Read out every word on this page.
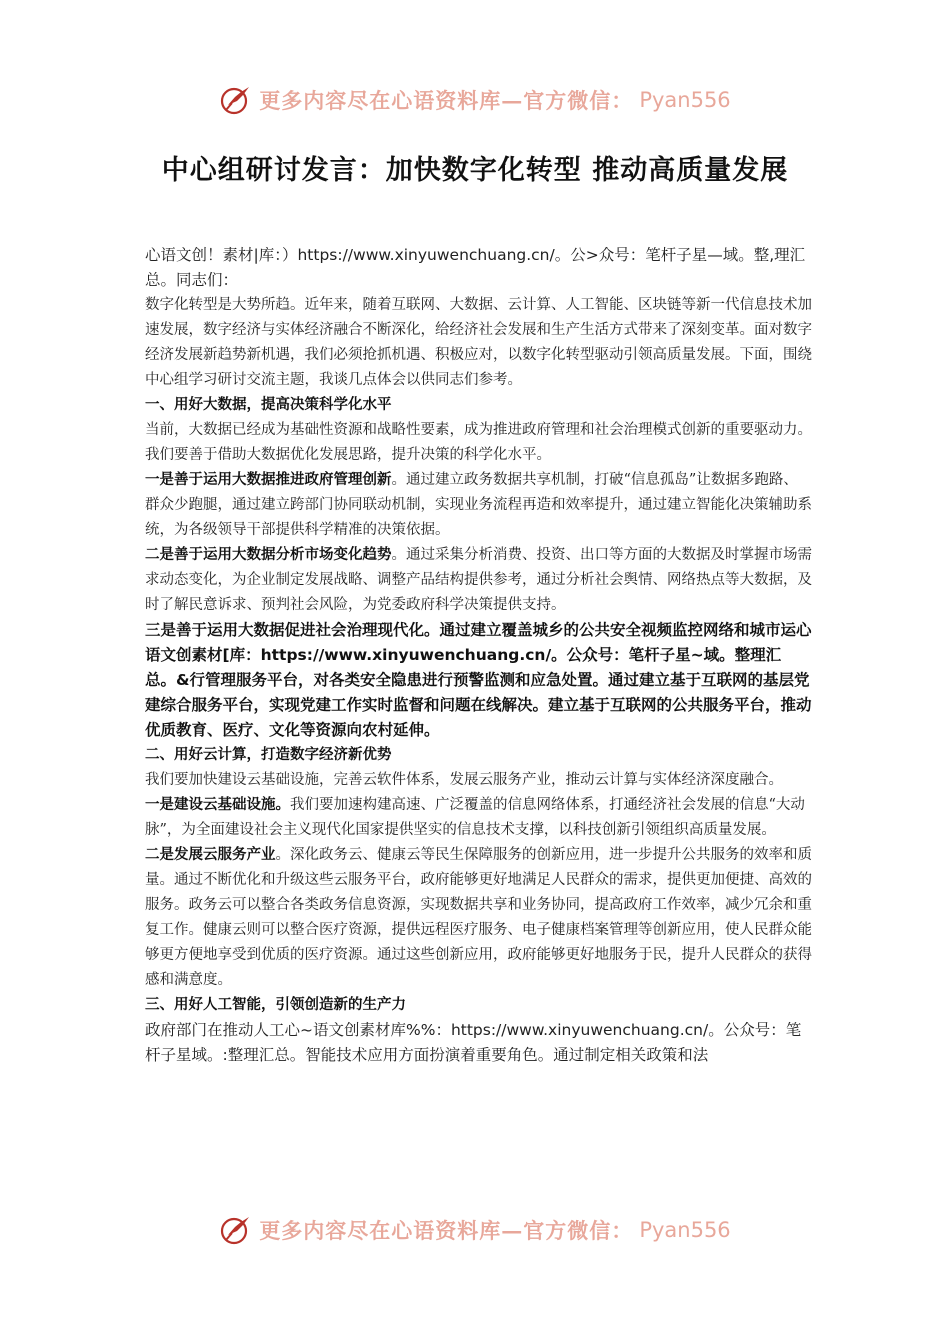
更多内容尽在心语资料库—官方微信： Pyan556
中心组研讨发言：加快数字化转型 推动高质量发展

心语文创！素材|库：）https://www.xinyuwenchuang.cn/。公>众号：笔杆子星—域。整,理汇总。同志们：

数字化转型是大势所趋。近年来，随着互联网、大数据、云计算、人工智能、区块链等新一代信息技术加速发展，数字经济与实体经济融合不断深化，给经济社会发展和生产生活方式带来了深刻变革。面对数字经济发展新趋势新机遇，我们必须抢抓机遇、积极应对，以数字化转型驱动引领高质量发展。下面，围绕中心组学习研讨交流主题，我谈几点体会以供同志们参考。

一、用好大数据，提高决策科学化水平

当前，大数据已经成为基础性资源和战略性要素，成为推进政府管理和社会治理模式创新的重要驱动力。我们要善于借助大数据优化发展思路，提升决策的科学化水平。

一是善于运用大数据推进政府管理创新。通过建立政务数据共享机制，打破“信息孤岛”让数据多跑路、群众少跑腿，通过建立跨部门协同联动机制，实现业务流程再造和效率提升，通过建立智能化决策辅助系统，为各级领导干部提供科学精准的决策依据。

二是善于运用大数据分析市场变化趋势。通过采集分析消费、投资、出口等方面的大数据及时掌握市场需求动态变化，为企业制定发展战略、调整产品结构提供参考，通过分析社会舆情、网络热点等大数据，及时了解民意诉求、预判社会风险，为党委政府科学决策提供支持。

三是善于运用大数据促进社会治理现代化。通过建立覆盖城乡的公共安全视频监控网络和城市运心语文创素材[库：https://www.xinyuwenchuang.cn/。公众号：笔杆子星~域。整理汇总。&行管理服务平台，对各类安全隐患进行预警监测和应急处置。通过建立基于互联网的基层党建综合服务平台，实现党建工作实时监督和问题在线解决。建立基于互联网的公共服务平台，推动优质教育、医疗、文化等资源向农村延伸。

二、用好云计算，打造数字经济新优势

我们要加快建设云基础设施，完善云软件体系，发展云服务产业，推动云计算与实体经济深度融合。

一是建设云基础设施。我们要加速构建高速、广泛覆盖的信息网络体系，打通经济社会发展的信息“大动脉”，为全面建设社会主义现代化国家提供坚实的信息技术支撑，以科技创新引领组织高质量发展。

二是发展云服务产业。深化政务云、健康云等民生保障服务的创新应用，进一步提升公共服务的效率和质量。通过不断优化和升级这些云服务平台，政府能够更好地满足人民群众的需求，提供更加便捷、高效的服务。政务云可以整合各类政务信息资源，实现数据共享和业务协同，提高政府工作效率，减少冗余和重复工作。健康云则可以整合医疗资源，提供远程医疗服务、电子健康档案管理等创新应用，使人民群众能够更方便地享受到优质的医疗资源。通过这些创新应用，政府能够更好地服务于民，提升人民群众的获得感和满意度。

三、用好人工智能，引领创造新的生产力

政府部门在推动人工心~语文创素材库%%：https://www.xinyuwenchuang.cn/。公众号：笔杆子星域。:整理汇总。智能技术应用方面扮演着重要角色。通过制定相关政策和法

更多内容尽在心语资料库—官方微信： Pyan556
